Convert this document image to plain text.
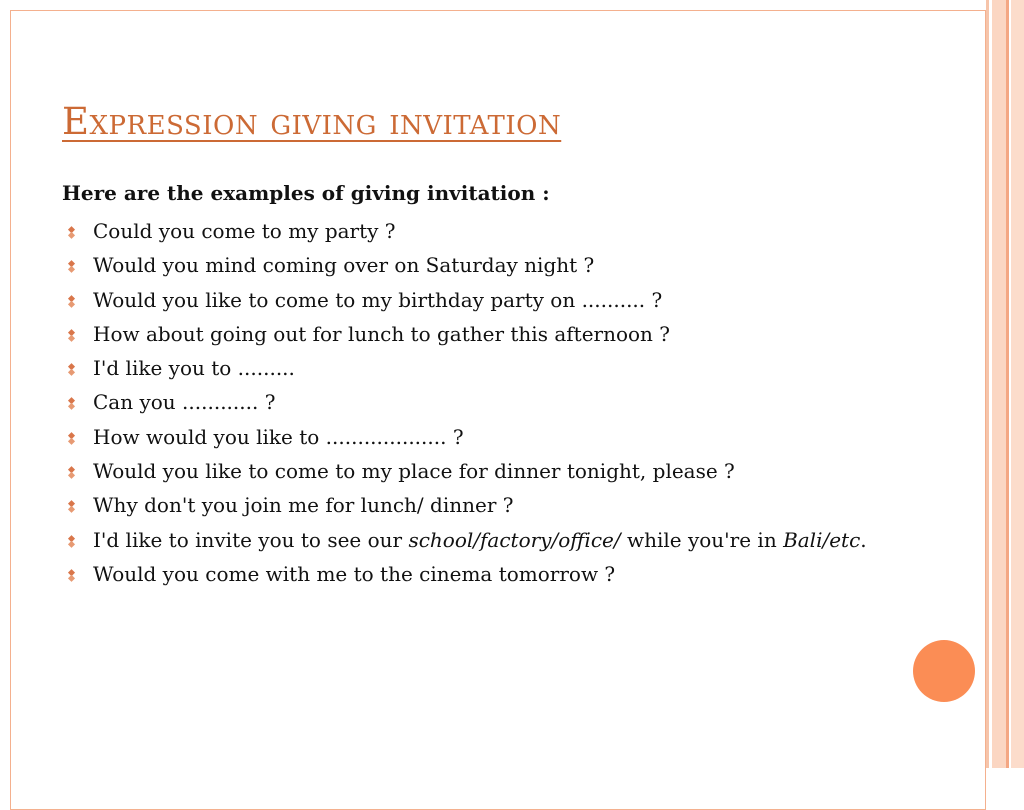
Expression giving invitation
Here are the examples of giving invitation :
Could you come to my party ?
Would you mind coming over on Saturday night ?
Would you like to come to my birthday party on .......... ?
How about going out for lunch to gather this afternoon ?
I'd like you to .........
Can you ............ ?
How would you like to ................... ?
Would you like to come to my place for dinner tonight, please ?
Why don't you join me for lunch/ dinner ?
I'd like to invite you to see our school/factory/office/ while you're in Bali/etc.
Would you come with me to the cinema tomorrow ?
